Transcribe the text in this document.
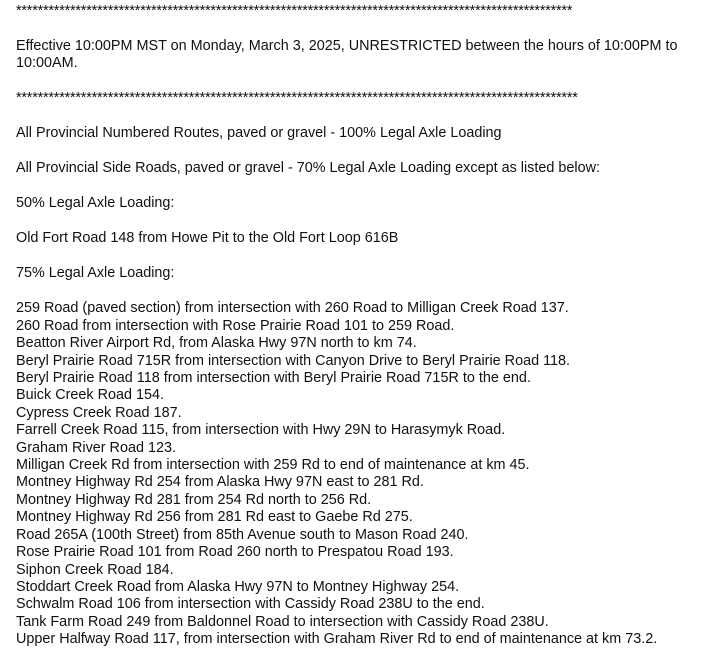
*******************************************************************************************************

Effective 10:00PM MST on Monday, March 3, 2025, UNRESTRICTED between the hours of 10:00PM to 10:00AM.

********************************************************************************************************

All Provincial Numbered Routes, paved or gravel - 100% Legal Axle Loading

All Provincial Side Roads, paved or gravel - 70% Legal Axle Loading except as listed below:

50% Legal Axle Loading:

Old Fort Road 148 from Howe Pit to the Old Fort Loop 616B

75% Legal Axle Loading:

259 Road (paved section) from intersection with 260 Road to Milligan Creek Road 137.
260 Road from intersection with Rose Prairie Road 101 to 259 Road.
Beatton River Airport Rd, from Alaska Hwy 97N north to km 74.
Beryl Prairie Road 715R from intersection with Canyon Drive to Beryl Prairie Road 118.
Beryl Prairie Road 118 from intersection with Beryl Prairie Road 715R to the end.
Buick Creek Road 154.
Cypress Creek Road 187.
Farrell Creek Road 115, from intersection with Hwy 29N to Harasymyk Road.
Graham River Road 123.
Milligan Creek Rd from intersection with 259 Rd to end of maintenance at km 45.
Montney Highway Rd 254 from Alaska Hwy 97N east to 281 Rd.
Montney Highway Rd 281 from 254 Rd north to 256 Rd.
Montney Highway Rd 256 from 281 Rd east to Gaebe Rd 275.
Road 265A (100th Street) from 85th Avenue south to Mason Road 240.
Rose Prairie Road 101 from Road 260 north to Prespatou Road 193.
Siphon Creek Road 184.
Stoddart Creek Road from Alaska Hwy 97N to Montney Highway 254.
Schwalm Road 106 from intersection with Cassidy Road 238U to the end.
Tank Farm Road 249 from Baldonnel Road to intersection with Cassidy Road 238U.
Upper Halfway Road 117, from intersection with Graham River Rd to end of maintenance at km 73.2.
